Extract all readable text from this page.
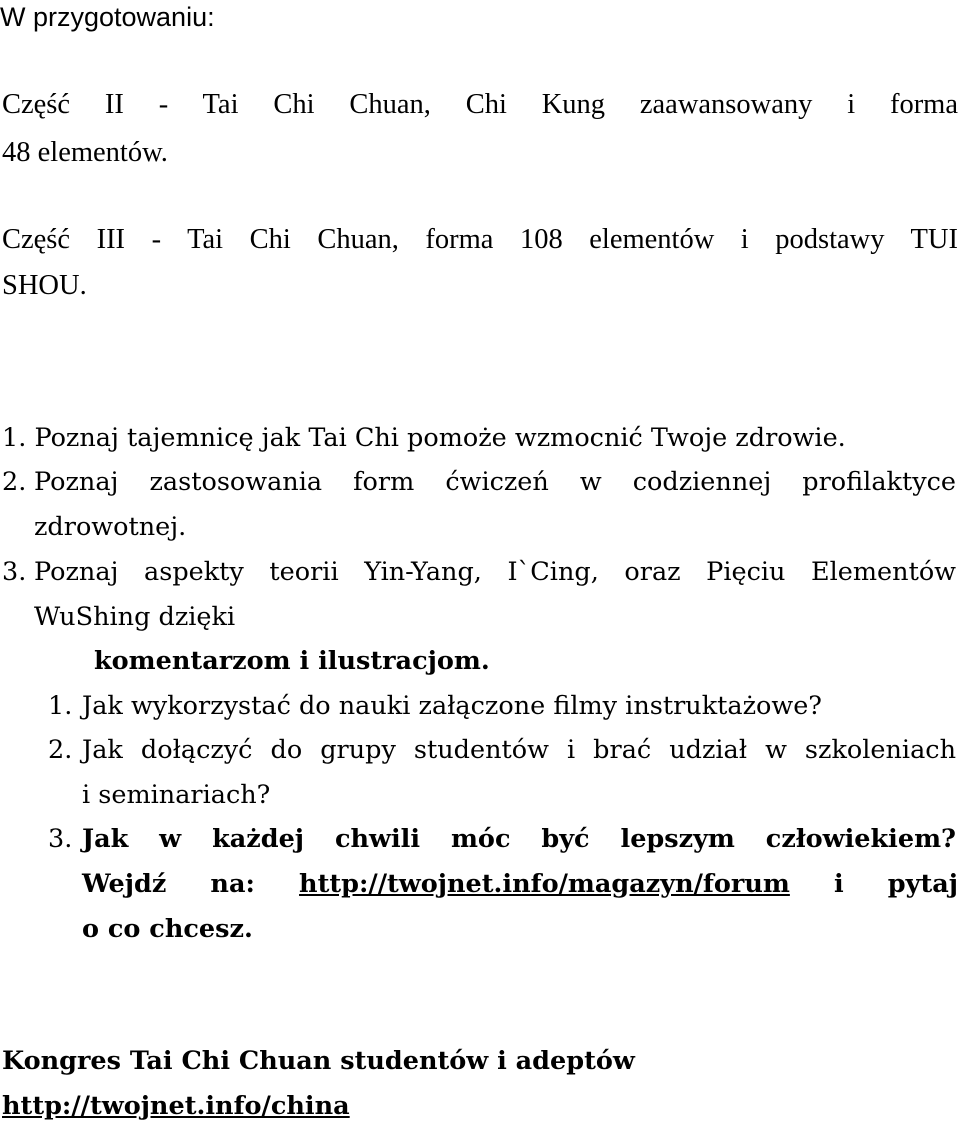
W przygotowaniu:
Część II - Tai Chi Chuan, Chi Kung zaawansowany i forma
48 elementów.
Część III - Tai Chi Chuan, forma 108 elementów i podstawy TUI
SHOU.
1. Poznaj tajemnicę jak Tai Chi pomoże wzmocnić Twoje zdrowie.
2. Poznaj zastosowania form ćwiczeń w codziennej profilaktyce
zdrowotnej.
3. Poznaj aspekty teorii Yin-Yang, I`Cing, oraz Pięciu Elementów
WuShing dzięki
komentarzom i ilustracjom.
1. Jak wykorzystać do nauki załączone filmy instruktażowe?
2. Jak dołączyć do grupy studentów i brać udział w szkoleniach
i seminariach?
3. Jak w każdej chwili móc być lepszym człowiekiem?
Wejdź na: http://twojnet.info/magazyn/forum i pytaj
o co chcesz.
Kongres Tai Chi Chuan studentów i adeptów
http://twojnet.info/china
